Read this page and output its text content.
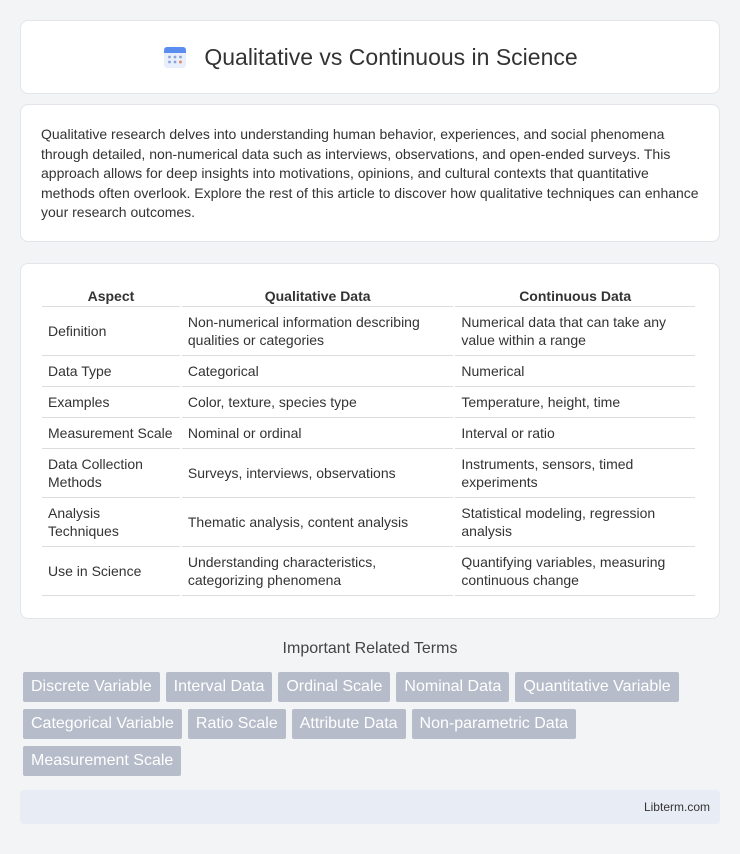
Qualitative vs Continuous in Science

Qualitative research delves into understanding human behavior, experiences, and social phenomena through detailed, non-numerical data such as interviews, observations, and open-ended surveys. This approach allows for deep insights into motivations, opinions, and cultural contexts that quantitative methods often overlook. Explore the rest of this article to discover how qualitative techniques can enhance your research outcomes.

Aspect	Qualitative Data	Continuous Data
Definition	Non-numerical information describing qualities or categories	Numerical data that can take any value within a range
Data Type	Categorical	Numerical
Examples	Color, texture, species type	Temperature, height, time
Measurement Scale	Nominal or ordinal	Interval or ratio
Data Collection Methods	Surveys, interviews, observations	Instruments, sensors, timed experiments
Analysis Techniques	Thematic analysis, content analysis	Statistical modeling, regression analysis
Use in Science	Understanding characteristics, categorizing phenomena	Quantifying variables, measuring continuous change
Important Related Terms
Discrete Variable	Interval Data	Ordinal Scale	Nominal Data	Quantitative Variable
Categorical Variable	Ratio Scale	Attribute Data	Non-parametric Data
Measurement Scale
Libterm.com
